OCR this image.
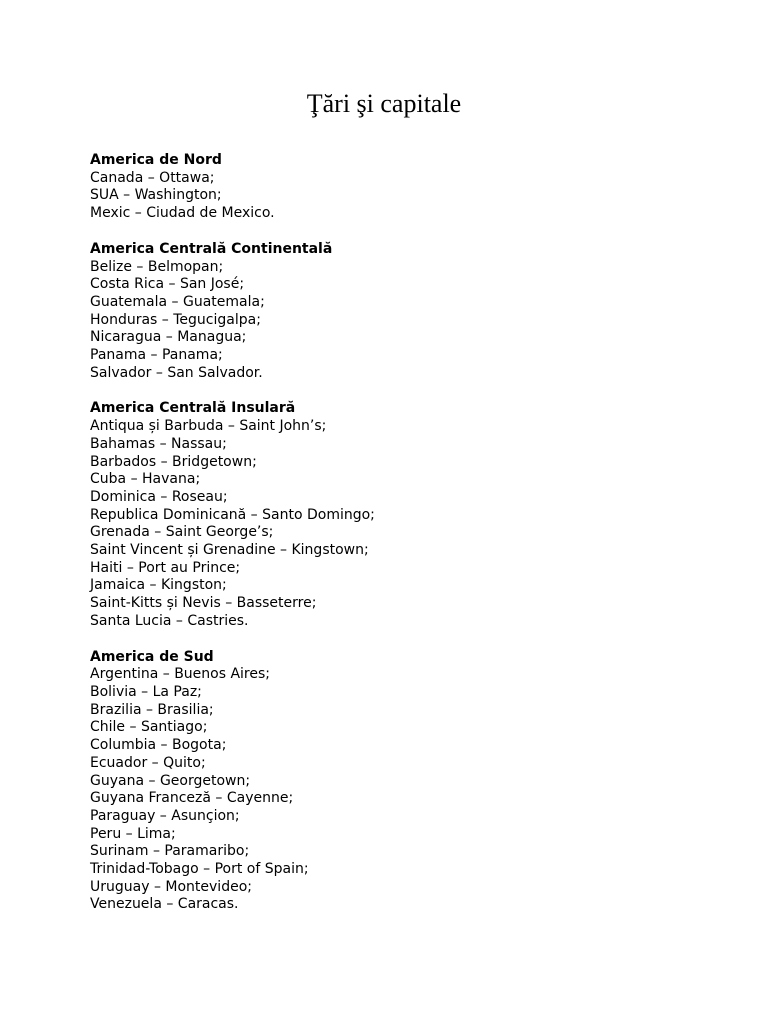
Ţări şi capitale
America de Nord
Canada – Ottawa;
SUA – Washington;
Mexic – Ciudad de Mexico.
America Centrală Continentală
Belize – Belmopan;
Costa Rica – San José;
Guatemala – Guatemala;
Honduras – Tegucigalpa;
Nicaragua – Managua;
Panama – Panama;
Salvador – San Salvador.
America Centrală Insulară
Antiqua și Barbuda – Saint John’s;
Bahamas – Nassau;
Barbados – Bridgetown;
Cuba – Havana;
Dominica – Roseau;
Republica Dominicană – Santo Domingo;
Grenada – Saint George’s;
Saint Vincent și Grenadine – Kingstown;
Haiti – Port au Prince;
Jamaica – Kingston;
Saint-Kitts și Nevis – Basseterre;
Santa Lucia – Castries.
America de Sud
Argentina – Buenos Aires;
Bolivia – La Paz;
Brazilia – Brasilia;
Chile – Santiago;
Columbia – Bogota;
Ecuador – Quito;
Guyana – Georgetown;
Guyana Franceză – Cayenne;
Paraguay – Asunçion;
Peru – Lima;
Surinam – Paramaribo;
Trinidad-Tobago – Port of Spain;
Uruguay – Montevideo;
Venezuela – Caracas.
